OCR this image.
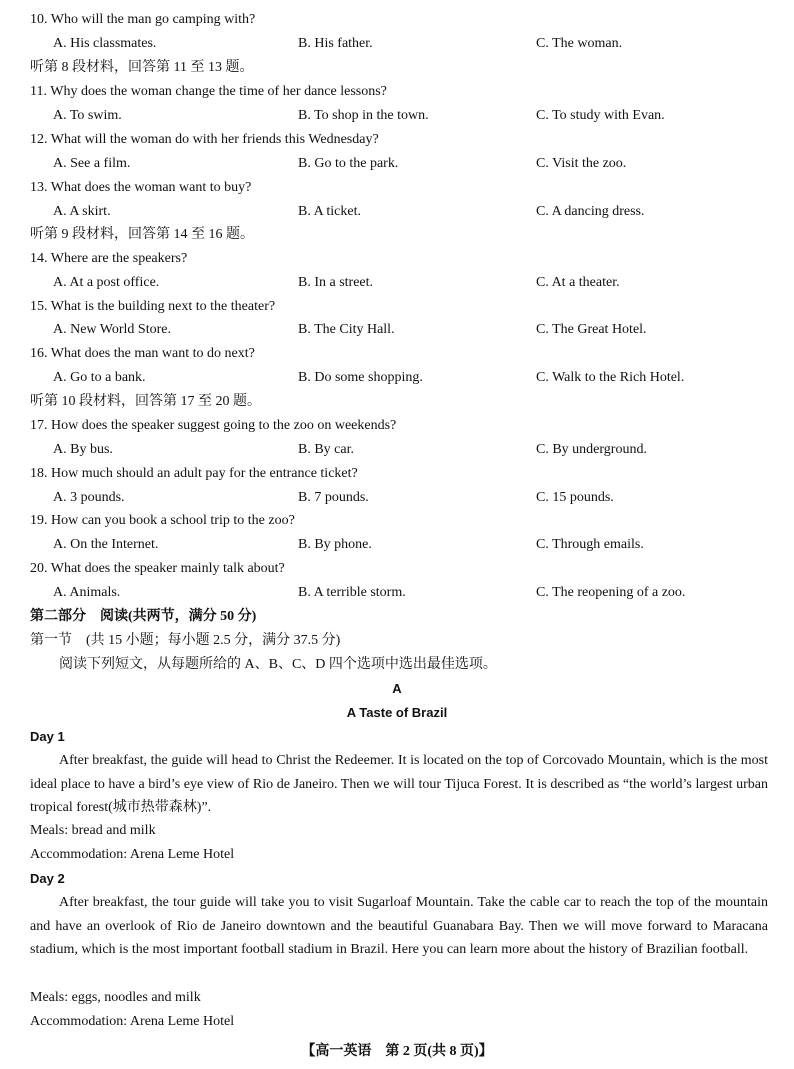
10. Who will the man go camping with?
A. His classmates.	B. His father.	C. The woman.
听第 8 段材料，回答第 11 至 13 题。
11. Why does the woman change the time of her dance lessons?
A. To swim.	B. To shop in the town.	C. To study with Evan.
12. What will the woman do with her friends this Wednesday?
A. See a film.	B. Go to the park.	C. Visit the zoo.
13. What does the woman want to buy?
A. A skirt.	B. A ticket.	C. A dancing dress.
听第 9 段材料，回答第 14 至 16 题。
14. Where are the speakers?
A. At a post office.	B. In a street.	C. At a theater.
15. What is the building next to the theater?
A. New World Store.	B. The City Hall.	C. The Great Hotel.
16. What does the man want to do next?
A. Go to a bank.	B. Do some shopping.	C. Walk to the Rich Hotel.
听第 10 段材料，回答第 17 至 20 题。
17. How does the speaker suggest going to the zoo on weekends?
A. By bus.	B. By car.	C. By underground.
18. How much should an adult pay for the entrance ticket?
A. 3 pounds.	B. 7 pounds.	C. 15 pounds.
19. How can you book a school trip to the zoo?
A. On the Internet.	B. By phone.	C. Through emails.
20. What does the speaker mainly talk about?
A. Animals.	B. A terrible storm.	C. The reopening of a zoo.
第二部分　阅读(共两节，满分 50 分)
第一节　(共 15 小题；每小题 2.5 分，满分 37.5 分)
阅读下列短文，从每题所给的 A、B、C、D 四个选项中选出最佳选项。
A
A Taste of Brazil
Day 1
After breakfast, the guide will head to Christ the Redeemer. It is located on the top of Corcovado Mountain, which is the most ideal place to have a bird’s eye view of Rio de Janeiro. Then we will tour Tijuca Forest. It is described as “the world’s largest urban tropical forest(城市热带森林)”.
Meals: bread and milk
Accommodation: Arena Leme Hotel
Day 2
After breakfast, the tour guide will take you to visit Sugarloaf Mountain. Take the cable car to reach the top of the mountain and have an overlook of Rio de Janeiro downtown and the beautiful Guanabara Bay. Then we will move forward to Maracana stadium, which is the most important football stadium in Brazil. Here you can learn more about the history of Brazilian football.
Meals: eggs, noodles and milk
Accommodation: Arena Leme Hotel
【高一英语　第 2 页(共 8 页)】
